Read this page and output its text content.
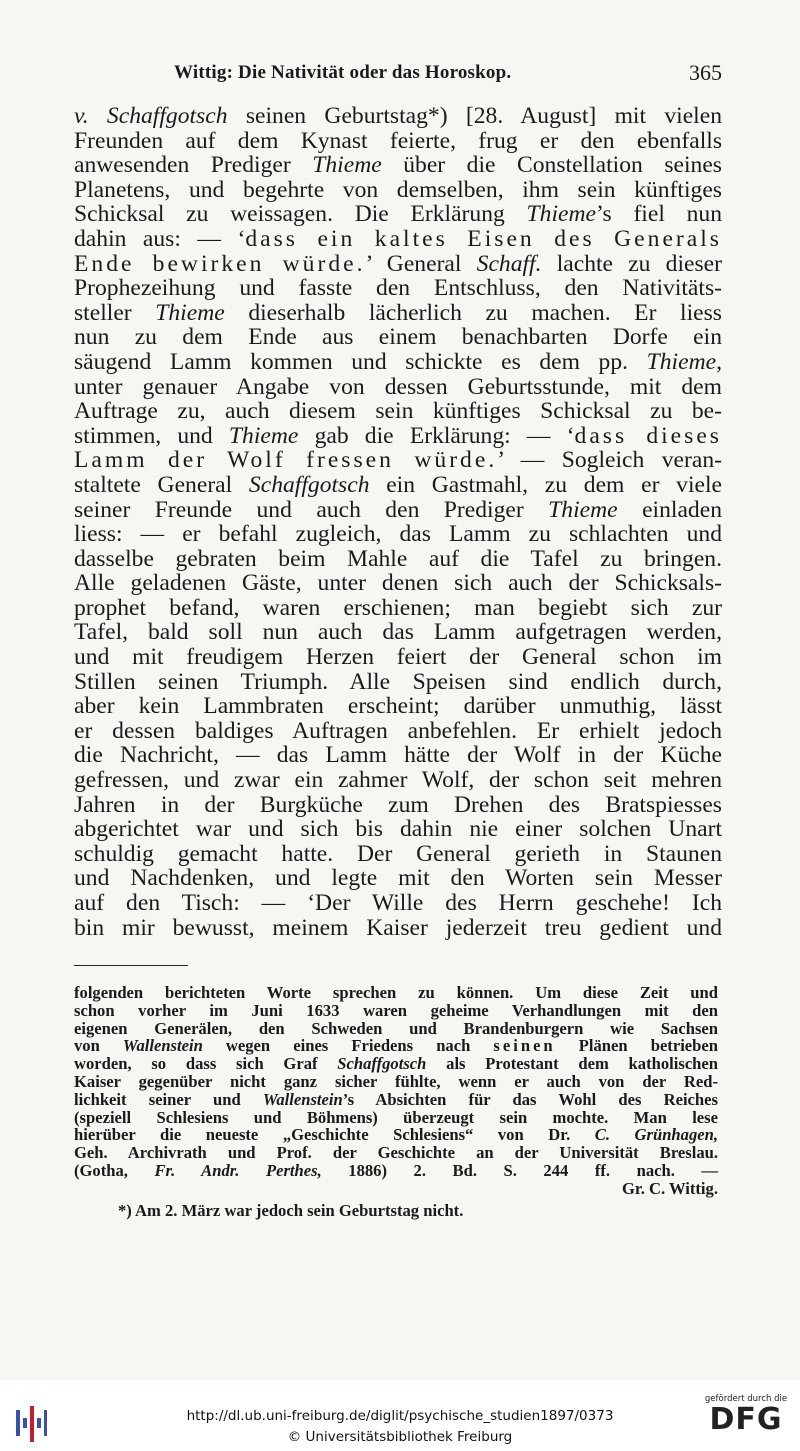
Wittig: Die Nativität oder das Horoskop.	365
v. Schaffgotsch seinen Geburtstag*) [28. August] mit vielen
Freunden auf dem Kynast feierte, frug er den ebenfalls
anwesenden Prediger Thieme über die Constellation seines
Planetens, und begehrte von demselben, ihm sein künftiges
Schicksal zu weissagen. Die Erklärung Thieme’s fiel nun
dahin aus: — ‘dass ein kaltes Eisen des Generals
Ende bewirken würde.’ General Schaff. lachte zu dieser
Prophezeihung und fasste den Entschluss, den Nativitäts-
steller Thieme dieserhalb lächerlich zu machen. Er liess
nun zu dem Ende aus einem benachbarten Dorfe ein
säugend Lamm kommen und schickte es dem pp. Thieme,
unter genauer Angabe von dessen Geburtsstunde, mit dem
Auftrage zu, auch diesem sein künftiges Schicksal zu be-
stimmen, und Thieme gab die Erklärung: — ‘dass dieses
Lamm der Wolf fressen würde.’ — Sogleich veran-
staltete General Schaffgotsch ein Gastmahl, zu dem er viele
seiner Freunde und auch den Prediger Thieme einladen
liess: — er befahl zugleich, das Lamm zu schlachten und
dasselbe gebraten beim Mahle auf die Tafel zu bringen.
Alle geladenen Gäste, unter denen sich auch der Schicksals-
prophet befand, waren erschienen; man begiebt sich zur
Tafel, bald soll nun auch das Lamm aufgetragen werden,
und mit freudigem Herzen feiert der General schon im
Stillen seinen Triumph. Alle Speisen sind endlich durch,
aber kein Lammbraten erscheint; darüber unmuthig, lässt
er dessen baldiges Auftragen anbefehlen. Er erhielt jedoch
die Nachricht, — das Lamm hätte der Wolf in der Küche
gefressen, und zwar ein zahmer Wolf, der schon seit mehren
Jahren in der Burgküche zum Drehen des Bratspiesses
abgerichtet war und sich bis dahin nie einer solchen Unart
schuldig gemacht hatte. Der General gerieth in Staunen
und Nachdenken, und legte mit den Worten sein Messer
auf den Tisch: — ‘Der Wille des Herrn geschehe! Ich
bin mir bewusst, meinem Kaiser jederzeit treu gedient und
folgenden berichteten Worte sprechen zu können. Um diese Zeit und
schon vorher im Juni 1633 waren geheime Verhandlungen mit den
eigenen Generälen, den Schweden und Brandenburgern wie Sachsen
von Wallenstein wegen eines Friedens nach seinen Plänen betrieben
worden, so dass sich Graf Schaffgotsch als Protestant dem katholischen
Kaiser gegenüber nicht ganz sicher fühlte, wenn er auch von der Red-
lichkeit seiner und Wallenstein’s Absichten für das Wohl des Reiches
(speziell Schlesiens und Böhmens) überzeugt sein mochte. Man lese
hierüber die neueste „Geschichte Schlesiens“ von Dr. C. Grünhagen,
Geh. Archivrath und Prof. der Geschichte an der Universität Breslau.
(Gotha, Fr. Andr. Perthes, 1886) 2. Bd. S. 244 ff. nach. —
Gr. C. Wittig.
*) Am 2. März war jedoch sein Geburtstag nicht.
http://dl.ub.uni-freiburg.de/diglit/psychische_studien1897/0373
© Universitätsbibliothek Freiburg
gefördert durch die
DFG
